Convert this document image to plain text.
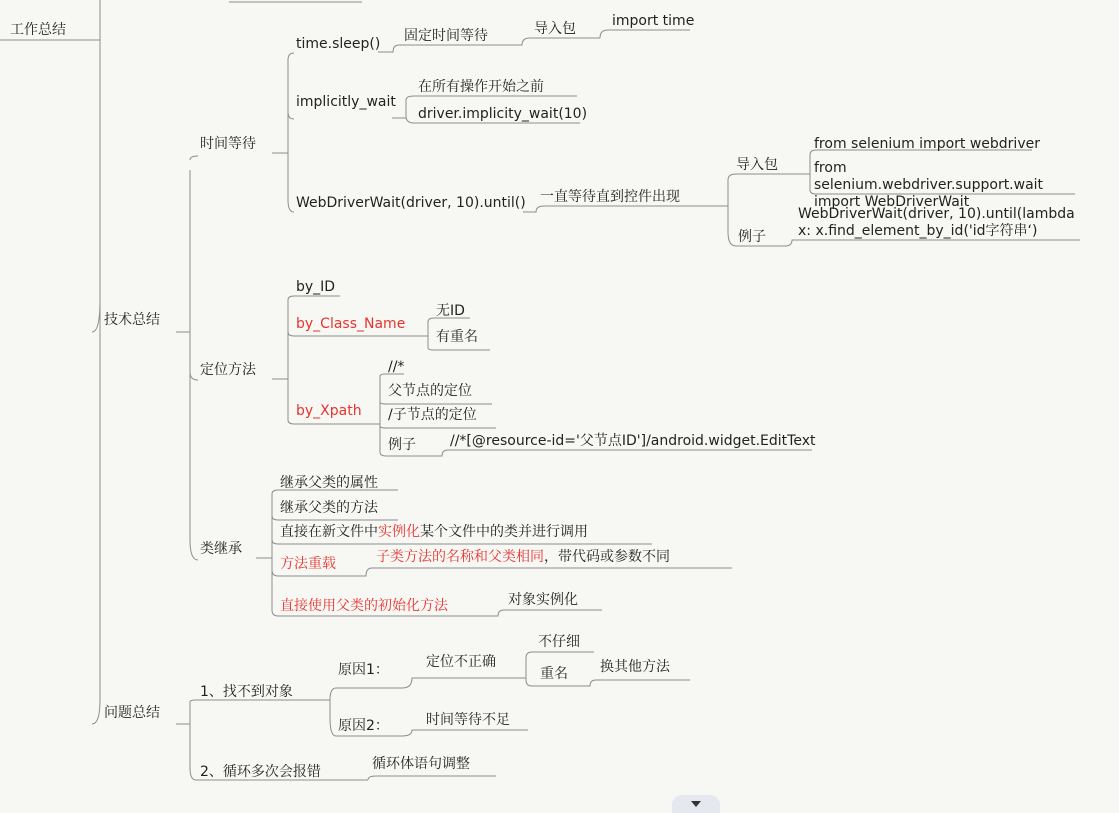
工作总结
技术总结
时间等待
time.sleep() 固定时间等待	导入包	import time
implicitly_wait
在所有操作开始之前
driver.implicity_wait(10)
WebDriverWait(driver, 10).until() 一直等待直到控件出现
导入包
from selenium import webdriver
from selenium.webdriver.support.wait import WebDriverWait
例子
WebDriverWait(driver, 10).until(lambda x: x.find_element_by_id('id字符串‘)
定位方法
by_ID
by_Class_Name
无ID
有重名
by_Xpath
//*
父节点的定位
/子节点的定位
例子 //*[@resource-id='父节点ID']/android.widget.EditText
类继承
继承父类的属性
继承父类的方法
直接在新文件中实例化某个文件中的类并进行调用
方法重载	子类方法的名称和父类相同，带代码或参数不同
直接使用父类的初始化方法	对象实例化
问题总结
1、找不到对象
原因1：	定位不正确
不仔细
重名 换其他方法
原因2：	时间等待不足
2、循环多次会报错	循环体语句调整
